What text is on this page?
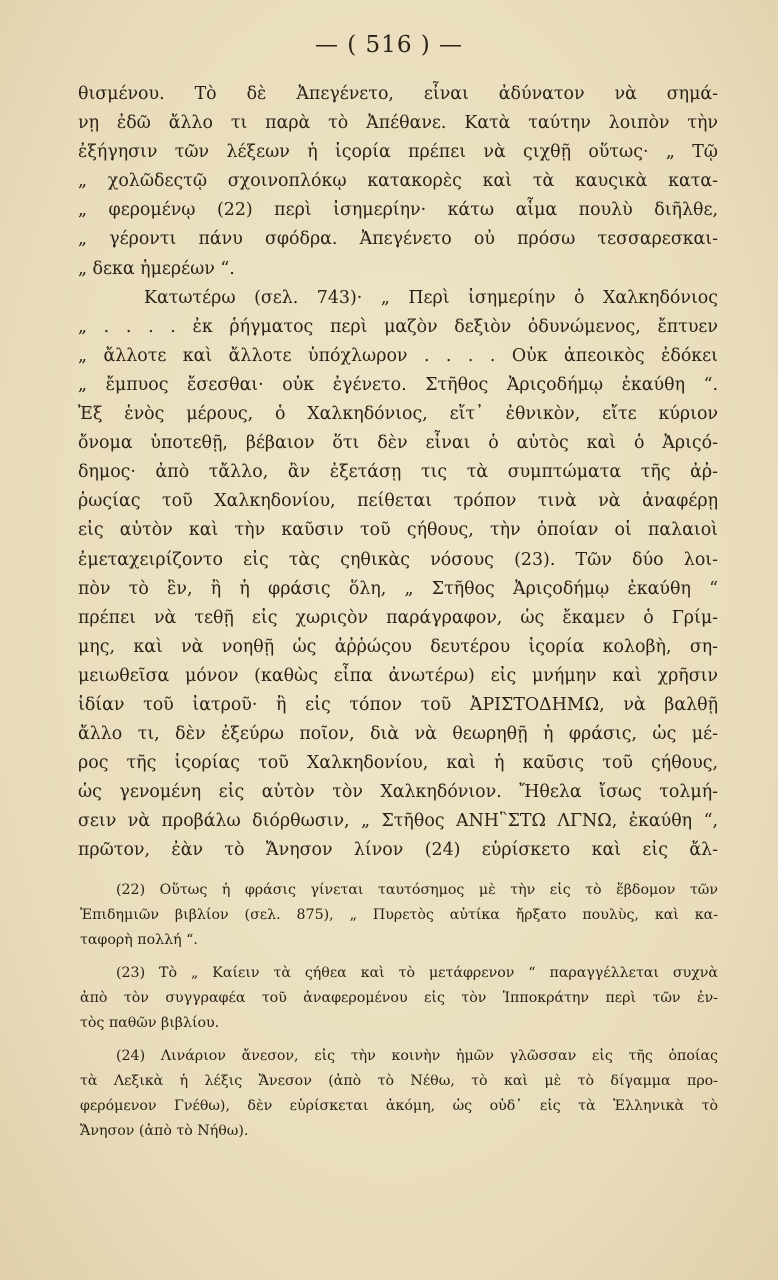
— ( 516 ) —
θισμένου. Τὸ δὲ Ἀπεγένετο, εἶναι ἀδύνατον νὰ σημά-
νῃ ἐδῶ ἄλλο τι παρὰ τὸ Ἀπέθανε. Κατὰ ταύτην λοιπὸν τὴν
ἐξήγησιν τῶν λέξεων ἡ ἱςορία πρέπει νὰ ςιχθῇ οὕτως· „ Τῷ
„ χολῶδεςτῷ σχοινοπλόκῳ κατακορὲς καὶ τὰ καυςικὰ κατα-
„ φερομένῳ (22) περὶ ἰσημερίην· κάτω αἷμα πουλὺ διῆλθε,
„ γέροντι πάνυ σφόδρα. Ἀπεγένετο οὐ πρόσω τεσσαρεσκαι-
„ δεκα ἡμερέων “.
Κατωτέρω (σελ. 743)· „ Περὶ ἰσημερίην ὁ Χαλκηδόνιος
„ . . . . ἐκ ῥήγματος περὶ μαζὸν δεξιὸν ὀδυνώμενος, ἔπτυεν
„ ἄλλοτε καὶ ἄλλοτε ὑπόχλωρον . . . . Οὐκ ἀπεοικὸς ἐδόκει
„ ἔμπυος ἔσεσθαι· οὐκ ἐγένετο. Στῆθος Ἀριςοδήμῳ ἐκαύθη “.
Ἐξ ἑνὸς μέρους, ὁ Χαλκηδόνιος, εἴτ᾽ ἐθνικὸν, εἴτε κύριον
ὄνομα ὑποτεθῇ, βέβαιον ὅτι δὲν εἶναι ὁ αὐτὸς καὶ ὁ Ἀριςό-
δημος· ἀπὸ τἄλλο, ἂν ἐξετάσῃ τις τὰ συμπτώματα τῆς ἀῤ-
ῥωςίας τοῦ Χαλκηδονίου, πείθεται τρόπον τινὰ νὰ ἀναφέρῃ
εἰς αὐτὸν καὶ τὴν καῦσιν τοῦ ςήθους, τὴν ὁποίαν οἱ παλαιοὶ
ἐμεταχειρίζοντο εἰς τὰς ςηθικὰς νόσους (23). Τῶν δύο λοι-
πὸν τὸ ἓν, ἢ ἡ φράσις ὅλη, „ Στῆθος Ἀριςοδήμῳ ἐκαύθη “
πρέπει νὰ τεθῇ εἰς χωριςὸν παράγραφον, ὡς ἔκαμεν ὁ Γρίμ-
μης, καὶ νὰ νοηθῇ ὡς ἀῤῥώςου δευτέρου ἱςορία κολοβὴ, ση-
μειωθεῖσα μόνον (καθὼς εἶπα ἀνωτέρω) εἰς μνήμην καὶ χρῆσιν
ἰδίαν τοῦ ἰατροῦ· ἢ εἰς τόπον τοῦ ἈΡΙΣΤΟΔΗΜΩ, νὰ βαλθῇ
ἄλλο τι, δὲν ἐξεύρω ποῖον, διὰ νὰ θεωρηθῇ ἡ φράσις, ὡς μέ-
ρος τῆς ἱςορίας τοῦ Χαλκηδονίου, καὶ ἡ καῦσις τοῦ ςήθους,
ὡς γενομένη εἰς αὐτὸν τὸν Χαλκηδόνιον. Ἤθελα ἴσως τολμή-
σειν νὰ προβάλω διόρθωσιν, „ Στῆθος ΑΝΗ῝ΣΤΩ ΛΓΝΩ, ἐκαύθη “,
πρῶτον, ἐὰν τὸ Ἄνησον λίνον (24) εὑρίσκετο καὶ εἰς ἄλ-
(22) Οὕτως ἡ φράσις γίνεται ταυτόσημος μὲ τὴν εἰς τὸ ἕβδομον τῶν
Ἐπιδημιῶν βιβλίον (σελ. 875), „ Πυρετὸς αὐτίκα ἤρξατο πουλὺς, καὶ κα-
ταφορὴ πολλή “.
(23) Τὸ „ Καίειν τὰ ςήθεα καὶ τὸ μετάφρενον “ παραγγέλλεται συχνὰ
ἀπὸ τὸν συγγραφέα τοῦ ἀναφερομένου εἰς τὸν Ἱπποκράτην περὶ τῶν ἐν-
τὸς παθῶν βιβλίου.
(24) Λινάριον ἄνεσον, εἰς τὴν κοινὴν ἡμῶν γλῶσσαν εἰς τῆς ὁποίας
τὰ Λεξικὰ ἡ λέξις Ἄνεσον (ἀπὸ τὸ Νέθω, τὸ καὶ μὲ τὸ δίγαμμα προ-
φερόμενον Γνέθω), δὲν εὑρίσκεται ἀκόμη, ὡς οὐδ᾽ εἰς τὰ Ἑλληνικὰ τὸ
Ἄνησον (ἀπὸ τὸ Νήθω).
